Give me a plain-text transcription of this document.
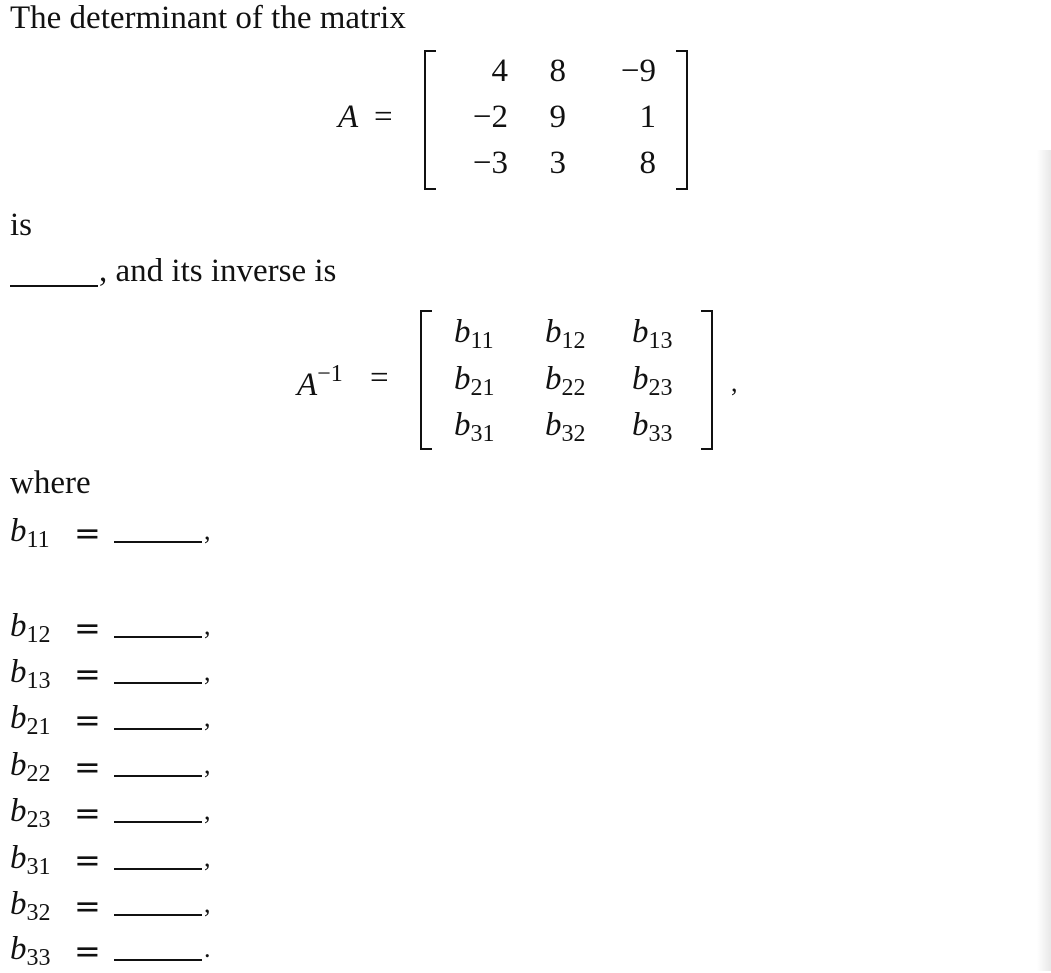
The determinant of the matrix
A =
4	8	−9
−2	9	1
−3	3	8
is
, and its inverse is
$A^{-1}$ =
$b_{11}$ $b_{12}$ $b_{13}$
$b_{21}$ $b_{22}$ $b_{23}$
$b_{31}$ $b_{32}$ $b_{33}$
,
where
$b_{11}$ =	,
$b_{12}$ =	,
$b_{13}$ =	,
$b_{21}$ =	,
$b_{22}$ =	,
$b_{23}$ =	,
$b_{31}$ =	,
$b_{32}$ =	,
$b_{33}$ =	.
